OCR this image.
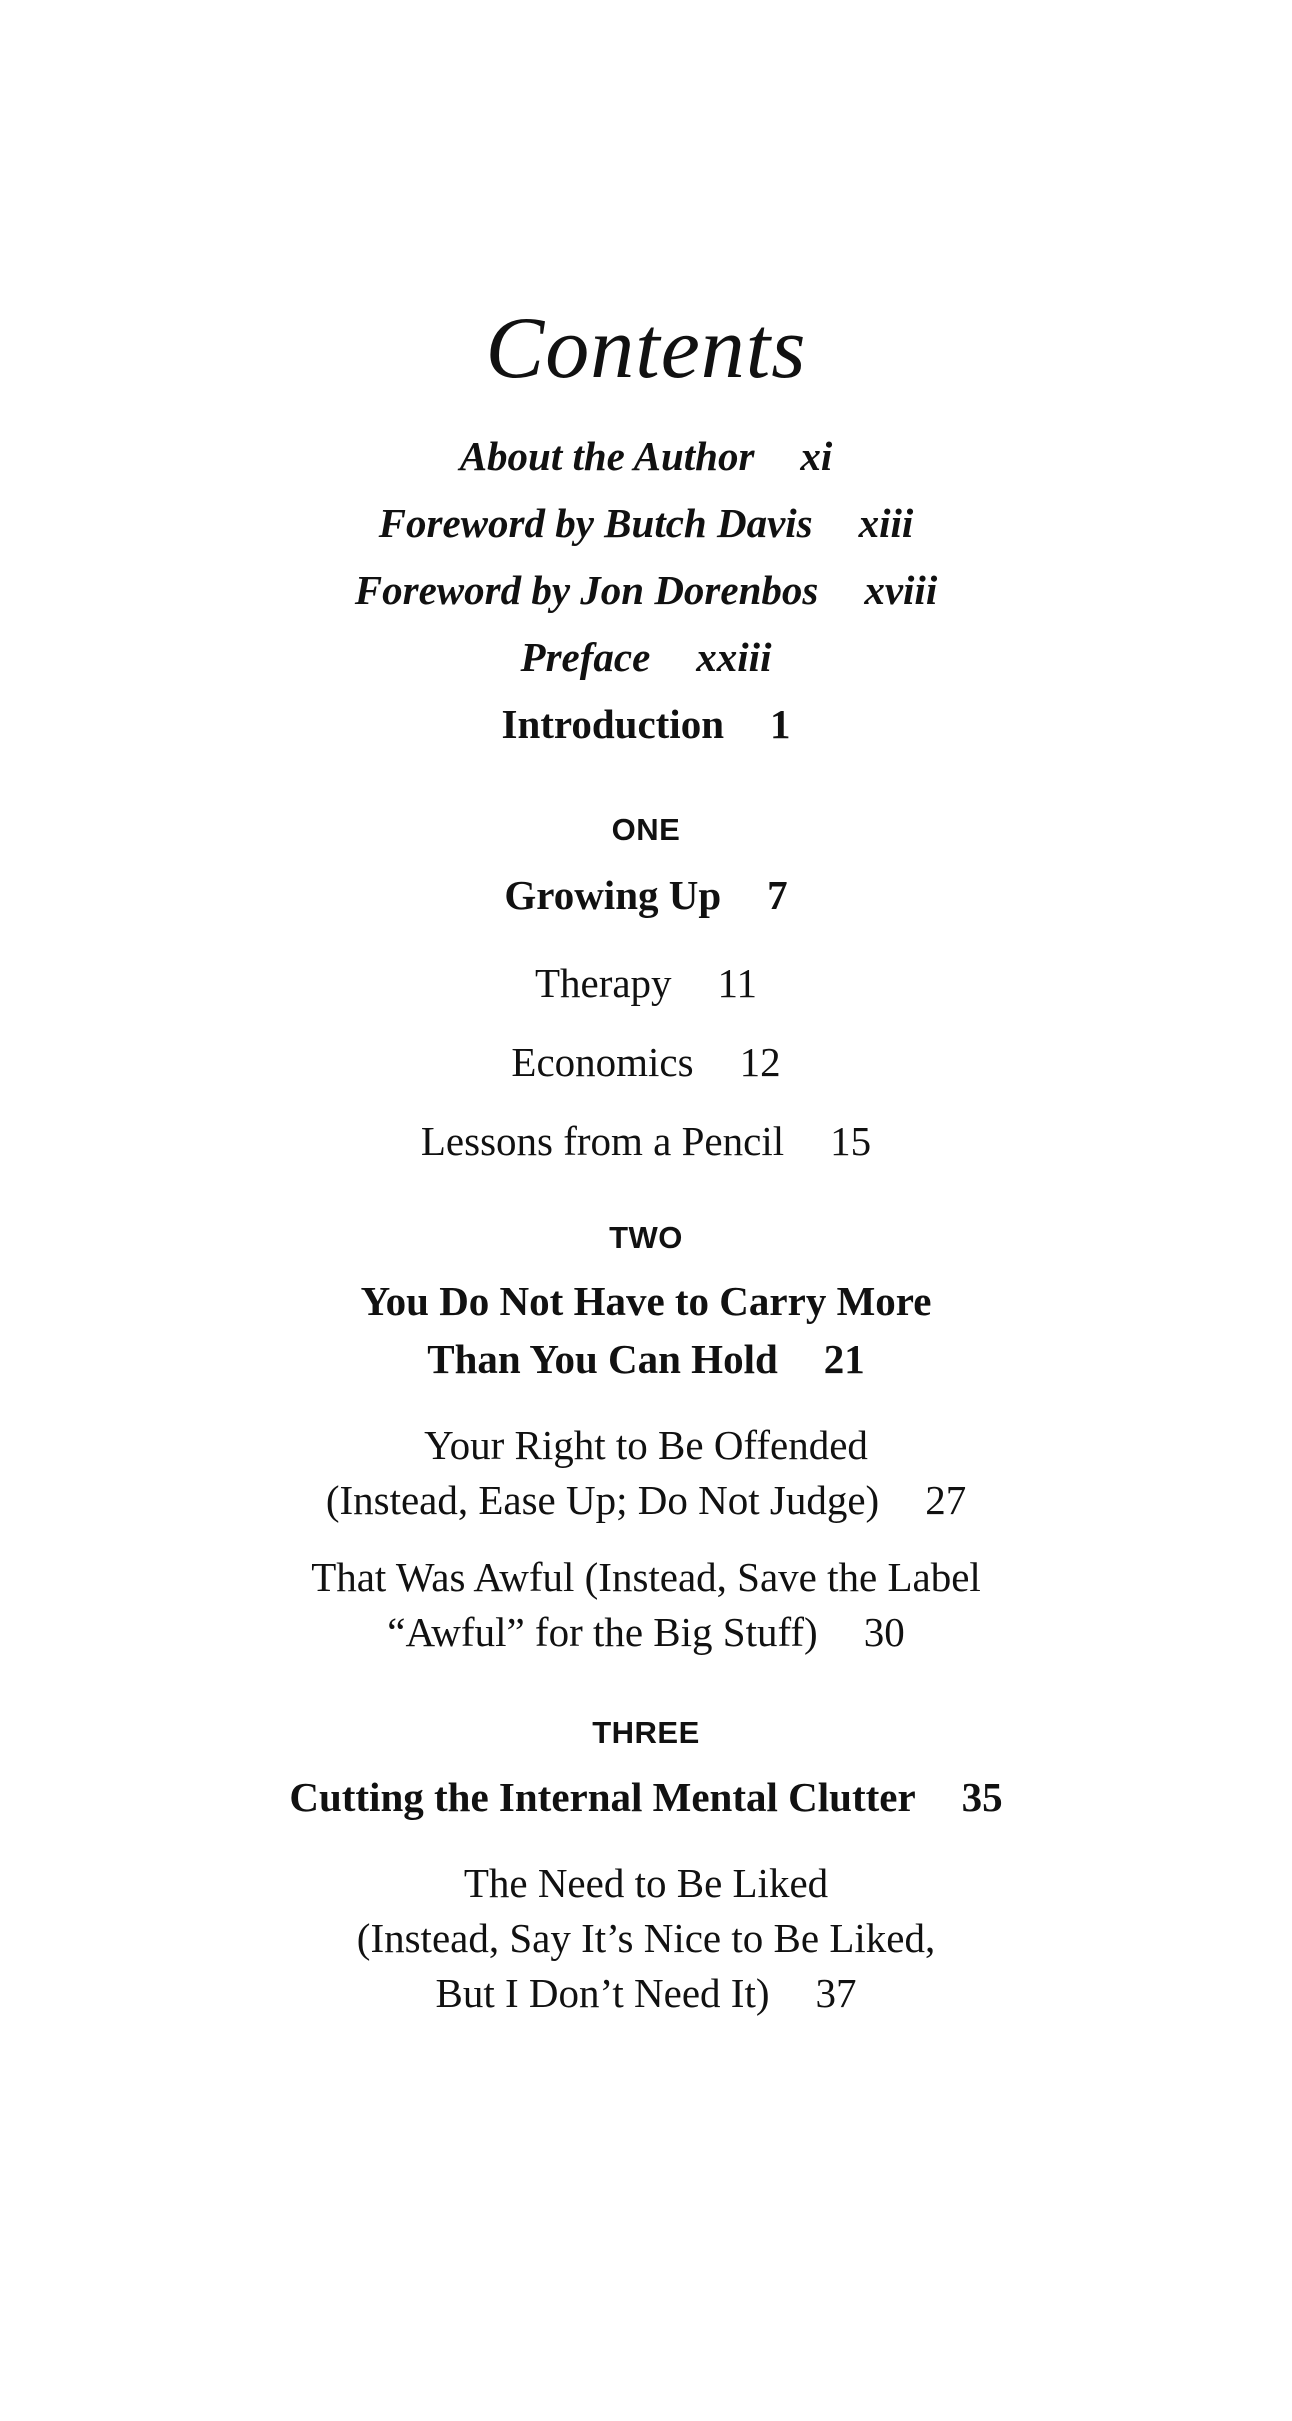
Contents
About the Author xi
Foreword by Butch Davis xiii
Foreword by Jon Dorenbos xviii
Preface xxiii
Introduction 1
ONE
Growing Up 7
Therapy 11
Economics 12
Lessons from a Pencil 15
TWO
You Do Not Have to Carry More
Than You Can Hold 21
Your Right to Be Offended
(Instead, Ease Up; Do Not Judge) 27
That Was Awful (Instead, Save the Label
“Awful” for the Big Stuff) 30
THREE
Cutting the Internal Mental Clutter 35
The Need to Be Liked
(Instead, Say It’s Nice to Be Liked,
But I Don’t Need It) 37
